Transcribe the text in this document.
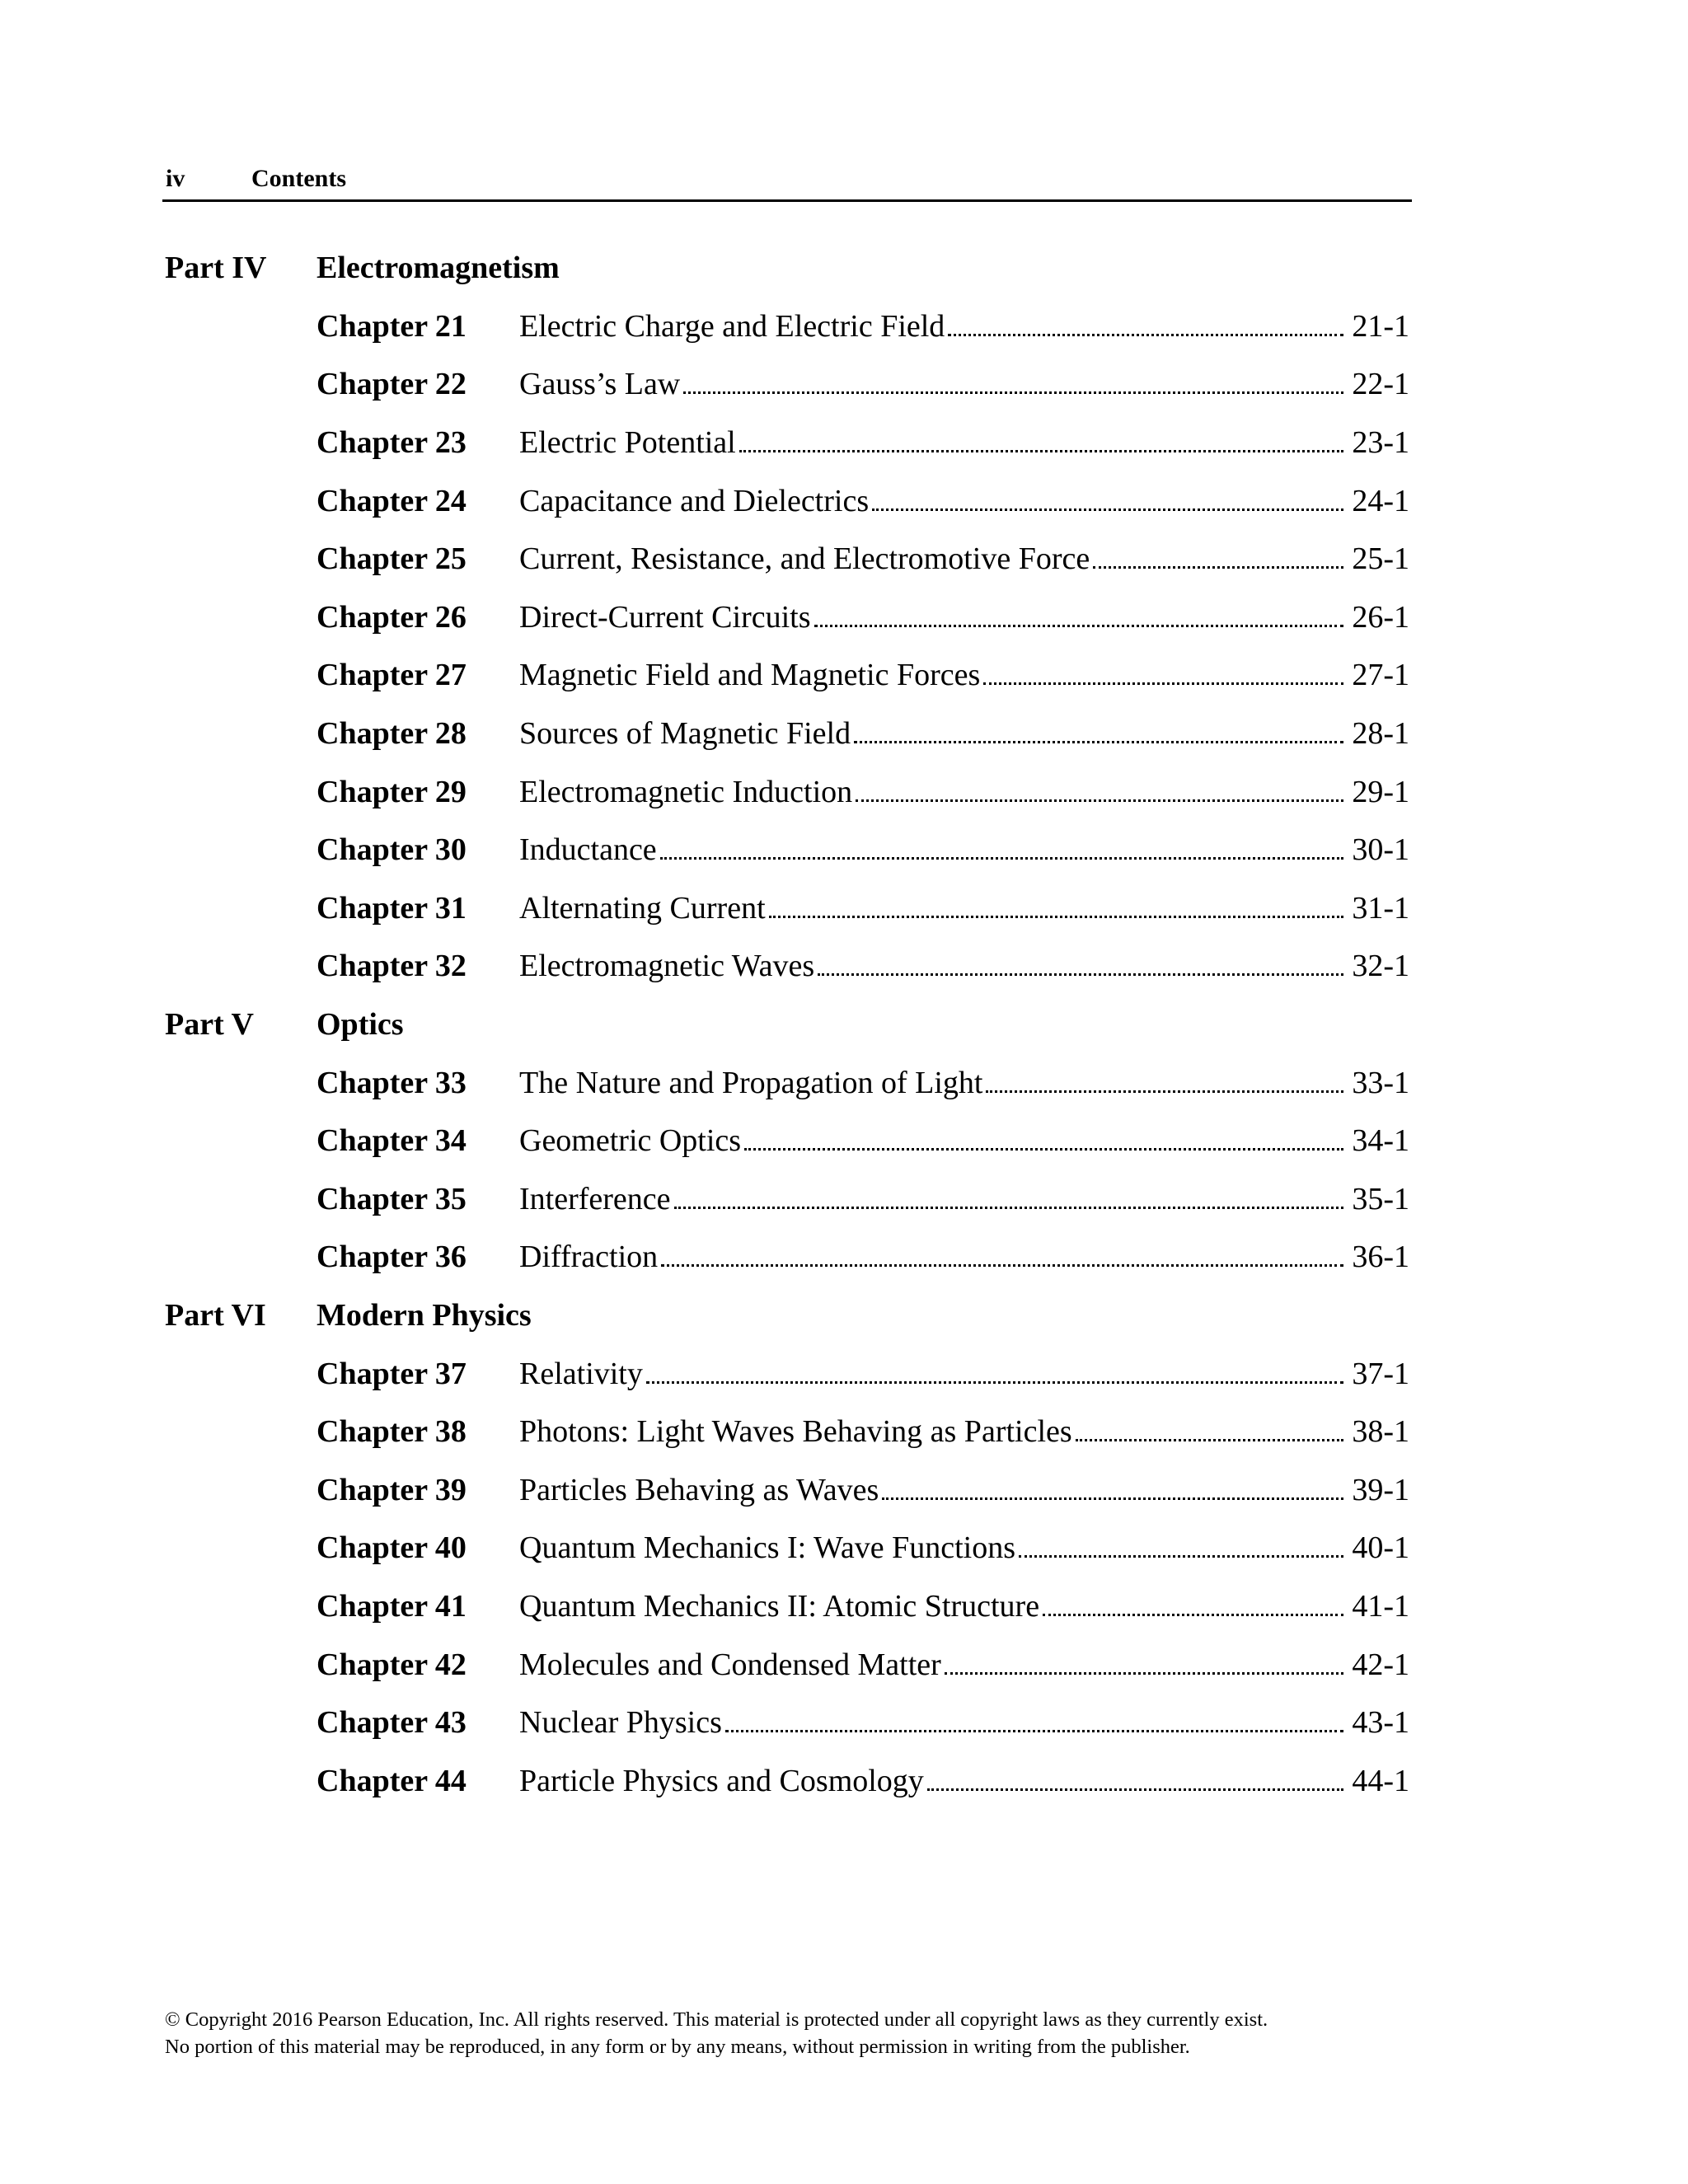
iv	Contents
Part IV	Electromagnetism
Chapter 21	Electric Charge and Electric Field	21-1
Chapter 22	Gauss’s Law	22-1
Chapter 23	Electric Potential	23-1
Chapter 24	Capacitance and Dielectrics	24-1
Chapter 25	Current, Resistance, and Electromotive Force	25-1
Chapter 26	Direct-Current Circuits	26-1
Chapter 27	Magnetic Field and Magnetic Forces	27-1
Chapter 28	Sources of Magnetic Field	28-1
Chapter 29	Electromagnetic Induction	29-1
Chapter 30	Inductance	30-1
Chapter 31	Alternating Current	31-1
Chapter 32	Electromagnetic Waves	32-1
Part V	Optics
Chapter 33	The Nature and Propagation of Light	33-1
Chapter 34	Geometric Optics	34-1
Chapter 35	Interference	35-1
Chapter 36	Diffraction	36-1
Part VI	Modern Physics
Chapter 37	Relativity	37-1
Chapter 38	Photons: Light Waves Behaving as Particles	38-1
Chapter 39	Particles Behaving as Waves	39-1
Chapter 40	Quantum Mechanics I: Wave Functions	40-1
Chapter 41	Quantum Mechanics II: Atomic Structure	41-1
Chapter 42	Molecules and Condensed Matter	42-1
Chapter 43	Nuclear Physics	43-1
Chapter 44	Particle Physics and Cosmology	44-1
© Copyright 2016 Pearson Education, Inc. All rights reserved. This material is protected under all copyright laws as they currently exist.
No portion of this material may be reproduced, in any form or by any means, without permission in writing from the publisher.
